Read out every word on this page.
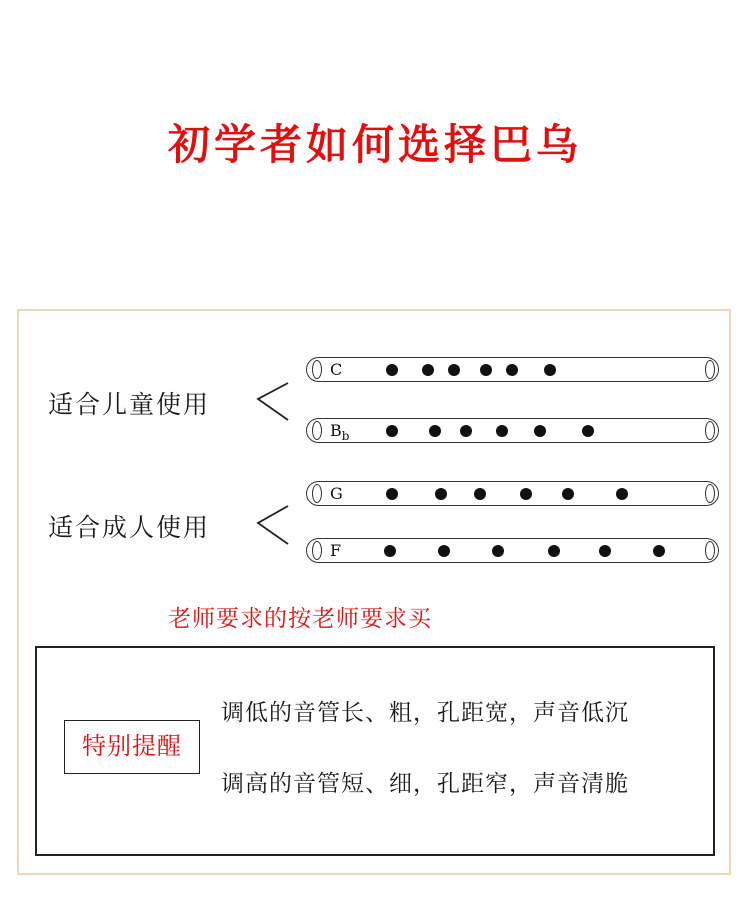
初学者如何选择巴乌
适合儿童使用
适合成人使用
C
$B_b$
G
F
老师要求的按老师要求买
特别提醒
调低的音管长、粗，孔距宽，声音低沉
调高的音管短、细，孔距窄，声音清脆
